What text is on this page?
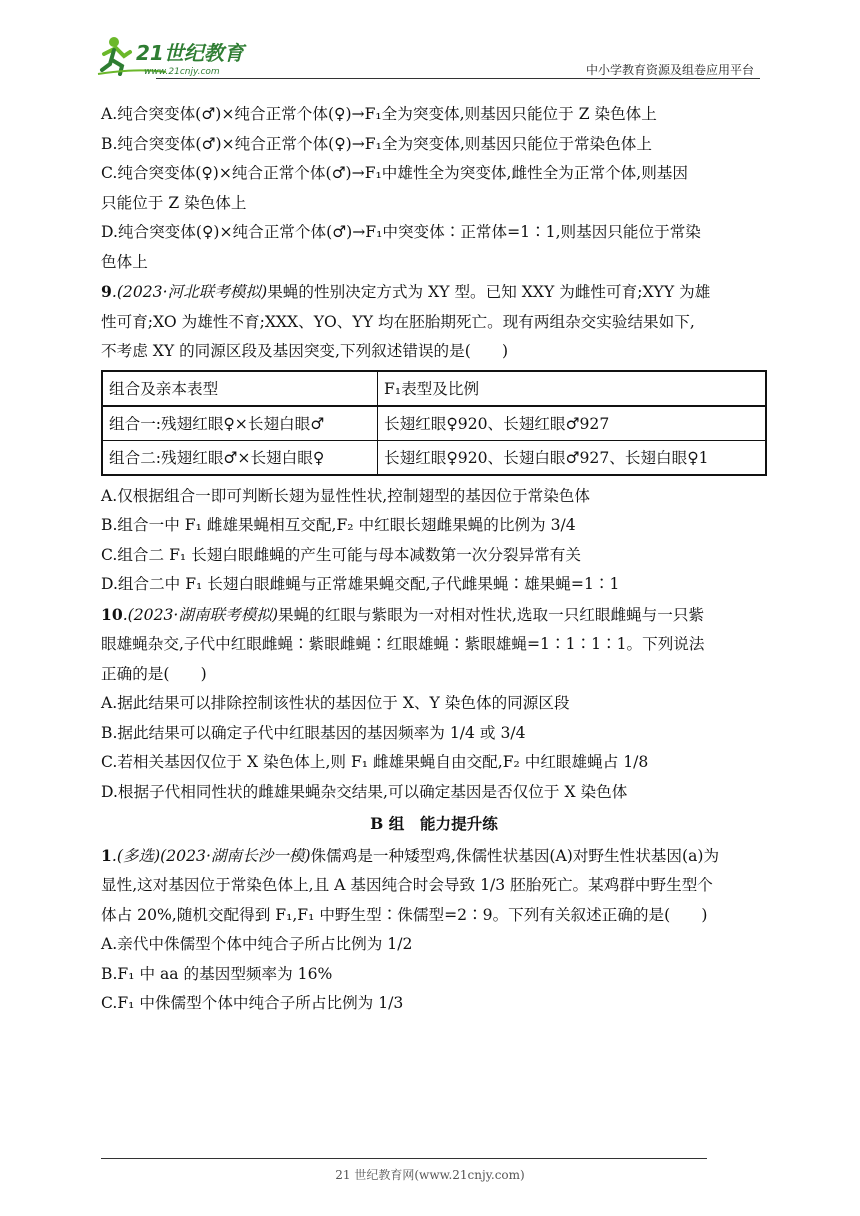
21世纪教育
www.21cnjy.com	中小学教育资源及组卷应用平台

A.纯合突变体(♂)×纯合正常个体(♀)→F₁全为突变体,则基因只能位于 Z 染色体上

B.纯合突变体(♂)×纯合正常个体(♀)→F₁全为突变体,则基因只能位于常染色体上

C.纯合突变体(♀)×纯合正常个体(♂)→F₁中雄性全为突变体,雌性全为正常个体,则基因

只能位于 Z 染色体上

D.纯合突变体(♀)×纯合正常个体(♂)→F₁中突变体∶正常体=1∶1,则基因只能位于常染

色体上

9.(2023·河北联考模拟)果蝇的性别决定方式为 XY 型。已知 XXY 为雌性可育;XYY 为雄

性可育;XO 为雄性不育;XXX、YO、YY 均在胚胎期死亡。现有两组杂交实验结果如下,

不考虑 XY 的同源区段及基因突变,下列叙述错误的是(　　)

组合及亲本表型	F₁表型及比例
组合一:残翅红眼♀×长翅白眼♂	长翅红眼♀920、长翅红眼♂927
组合二:残翅红眼♂×长翅白眼♀	长翅红眼♀920、长翅白眼♂927、长翅白眼♀1

A.仅根据组合一即可判断长翅为显性性状,控制翅型的基因位于常染色体

B.组合一中 F₁ 雌雄果蝇相互交配,F₂ 中红眼长翅雌果蝇的比例为 3/4

C.组合二 F₁ 长翅白眼雌蝇的产生可能与母本减数第一次分裂异常有关

D.组合二中 F₁ 长翅白眼雌蝇与正常雄果蝇交配,子代雌果蝇∶雄果蝇=1∶1

10.(2023·湖南联考模拟)果蝇的红眼与紫眼为一对相对性状,选取一只红眼雌蝇与一只紫

眼雄蝇杂交,子代中红眼雌蝇∶紫眼雌蝇∶红眼雄蝇∶紫眼雄蝇=1∶1∶1∶1。下列说法

正确的是(　　)

A.据此结果可以排除控制该性状的基因位于 X、Y 染色体的同源区段

B.据此结果可以确定子代中红眼基因的基因频率为 1/4 或 3/4

C.若相关基因仅位于 X 染色体上,则 F₁ 雌雄果蝇自由交配,F₂ 中红眼雄蝇占 1/8

D.根据子代相同性状的雌雄果蝇杂交结果,可以确定基因是否仅位于 X 染色体

B 组　能力提升练

1.(多选)(2023·湖南长沙一模)侏儒鸡是一种矮型鸡,侏儒性状基因(A)对野生性状基因(a)为

显性,这对基因位于常染色体上,且 A 基因纯合时会导致 1/3 胚胎死亡。某鸡群中野生型个

体占 20%,随机交配得到 F₁,F₁ 中野生型∶侏儒型=2∶9。下列有关叙述正确的是(　　)

A.亲代中侏儒型个体中纯合子所占比例为 1/2

B.F₁ 中 aa 的基因型频率为 16%

C.F₁ 中侏儒型个体中纯合子所占比例为 1/3

21 世纪教育网(www.21cnjy.com)
